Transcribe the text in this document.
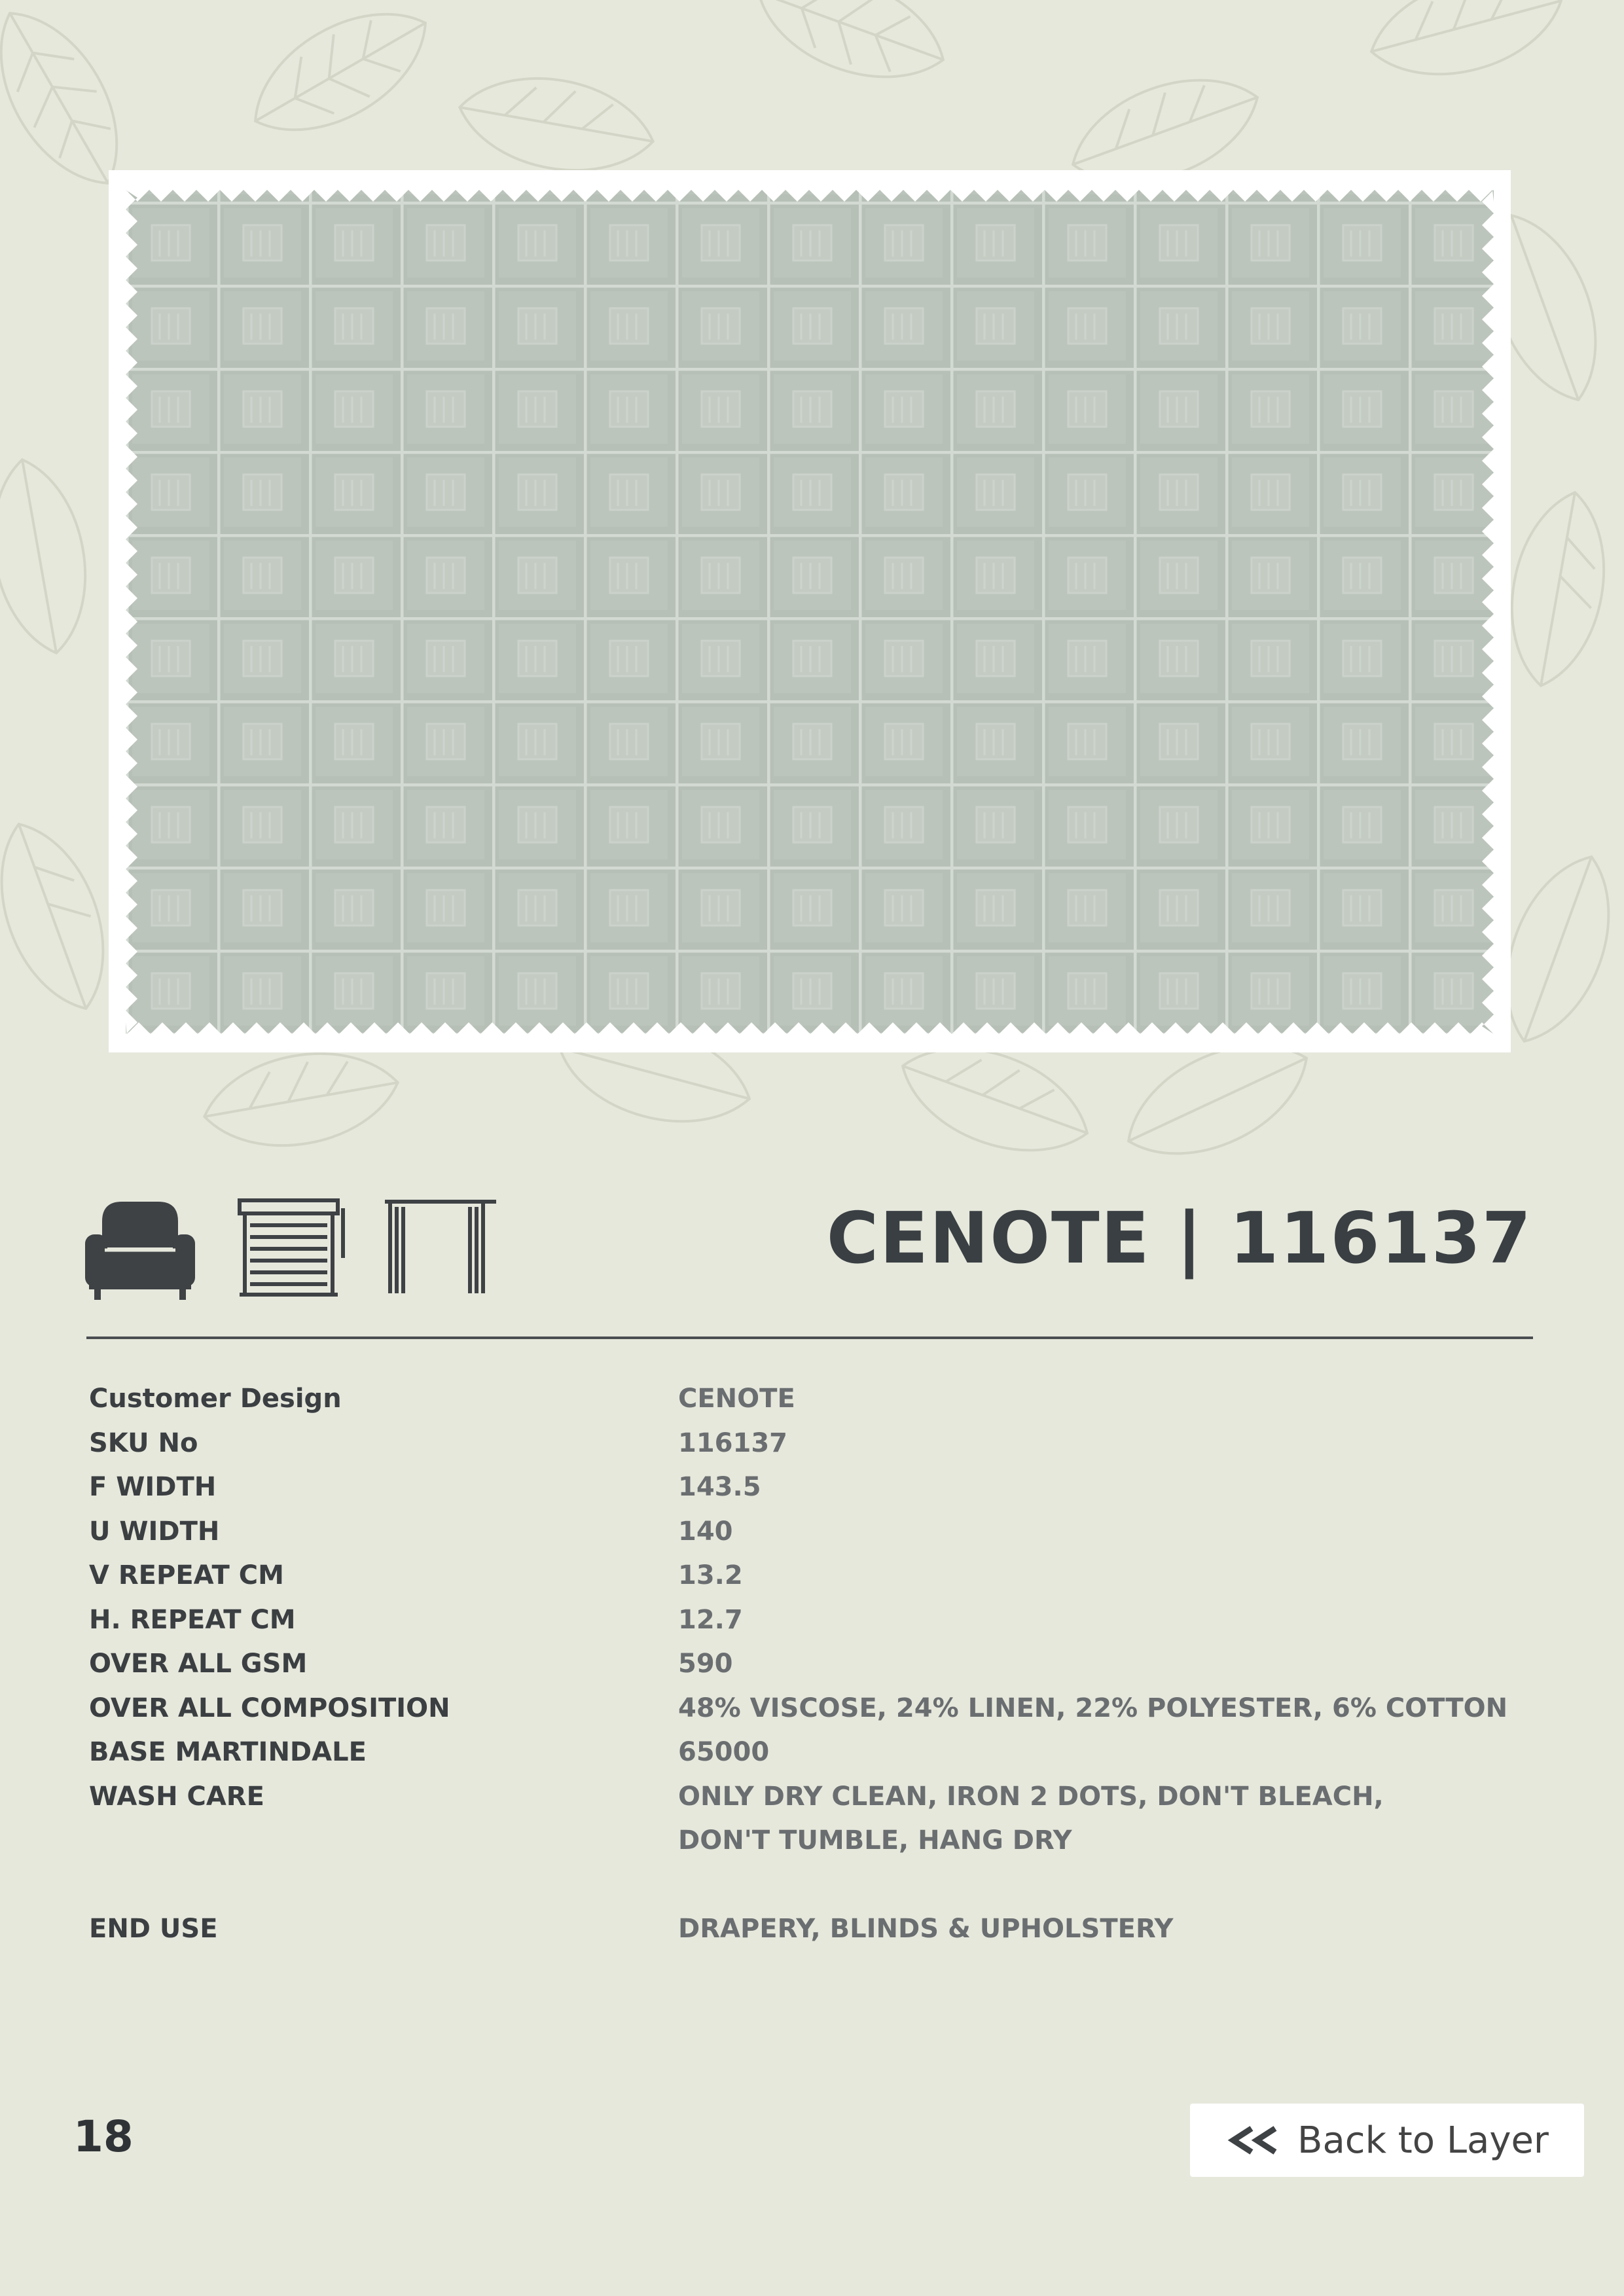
CENOTE | 116137
Customer Design	CENOTE
SKU No	116137
F WIDTH	143.5
U WIDTH	140
V REPEAT CM	13.2
H. REPEAT CM	12.7
OVER ALL GSM	590
OVER ALL COMPOSITION	48% VISCOSE, 24% LINEN, 22% POLYESTER, 6% COTTON
BASE MARTINDALE	65000
WASH CARE	ONLY DRY CLEAN, IRON 2 DOTS, DON'T BLEACH,
DON'T TUMBLE, HANG DRY
END USE	DRAPERY, BLINDS & UPHOLSTERY
18	Back to Layer
